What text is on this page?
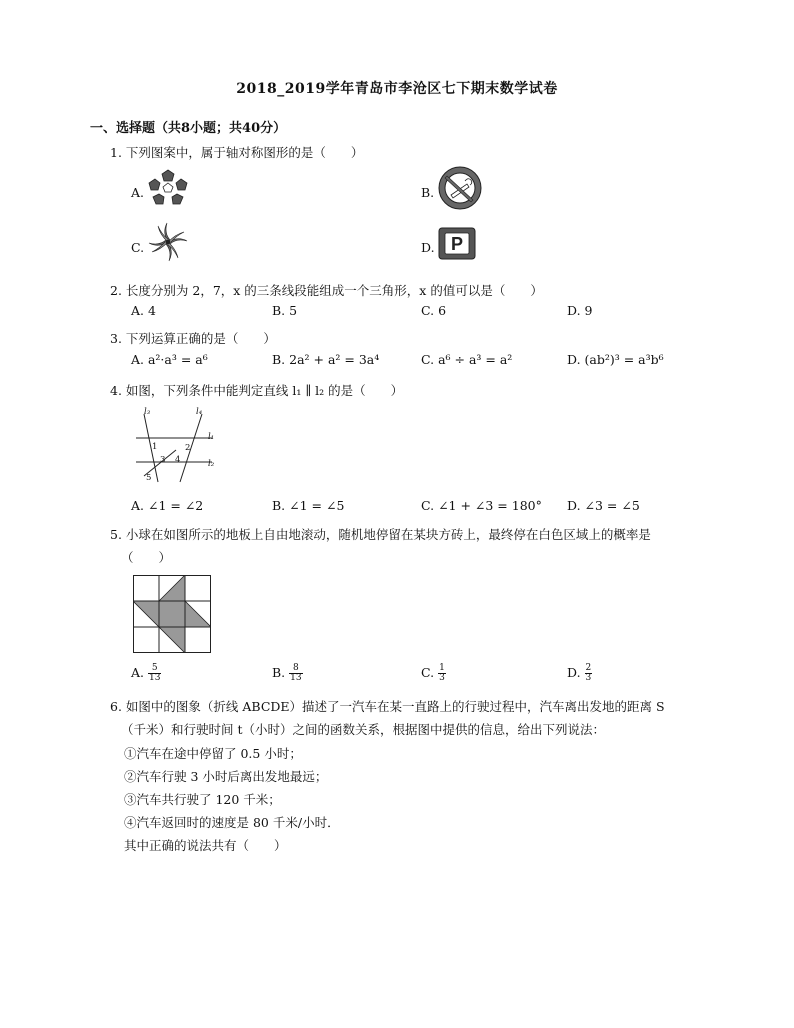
2018_2019学年青岛市李沧区七下期末数学试卷
一、选择题（共8小题；共40分）
1. 下列图案中，属于轴对称图形的是（　　）
A.	B.
C.	D. P
2. 长度分别为 2，7，x 的三条线段能组成一个三角形，x 的值可以是（　　）
A. 4	B. 5	C. 6	D. 9
3. 下列运算正确的是（　　）
A. a²·a³ = a⁶	B. 2a² + a² = 3a⁴	C. a⁶ ÷ a³ = a²	D. (ab²)³ = a³b⁶
4. 如图，下列条件中能判定直线 l₁ ∥ l₂ 的是（　　）
l₃	l₄
l₁
l₂
1	2
3 4
5
A. ∠1 = ∠2	B. ∠1 = ∠5	C. ∠1 + ∠3 = 180° D. ∠3 = ∠5
5. 小球在如图所示的地板上自由地滚动，随机地停留在某块方砖上，最终停在白色区域上的概率是
（　　）
A. $\frac{5}{13}$	B. $\frac{8}{13}$	C. $\frac{1}{3}$	D. $\frac{2}{3}$
6. 如图中的图象（折线 ABCDE）描述了一汽车在某一直路上的行驶过程中，汽车离出发地的距离 S
（千米）和行驶时间 t（小时）之间的函数关系，根据图中提供的信息，给出下列说法：
①汽车在途中停留了 0.5 小时；
②汽车行驶 3 小时后离出发地最远；
③汽车共行驶了 120 千米；
④汽车返回时的速度是 80 千米/小时．
其中正确的说法共有（　　）
